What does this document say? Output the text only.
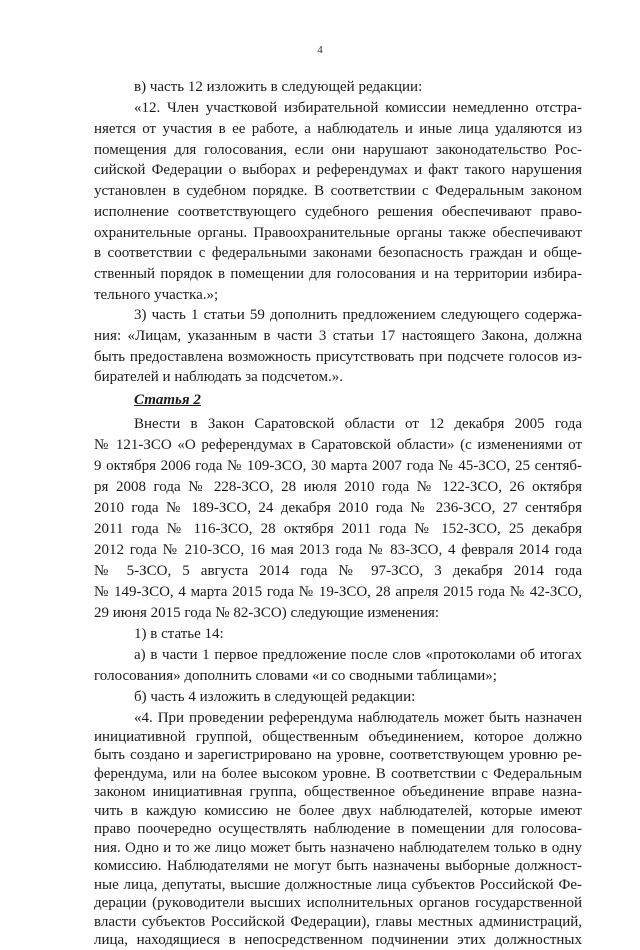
4
в) часть 12 изложить в следующей редакции:
«12. Член участковой избирательной комиссии немедленно отстра-
няется от участия в ее работе, а наблюдатель и иные лица удаляются из
помещения для голосования, если они нарушают законодательство Рос-
сийской Федерации о выборах и референдумах и факт такого нарушения
установлен в судебном порядке. В соответствии с Федеральным законом
исполнение соответствующего судебного решения обеспечивают право-
охранительные органы. Правоохранительные органы также обеспечивают
в соответствии с федеральными законами безопасность граждан и обще-
ственный порядок в помещении для голосования и на территории избира-
тельного участка.»;
3) часть 1 статьи 59 дополнить предложением следующего содержа-
ния: «Лицам, указанным в части 3 статьи 17 настоящего Закона, должна
быть предоставлена возможность присутствовать при подсчете голосов из-
бирателей и наблюдать за подсчетом.».
Статья 2
Внести в Закон Саратовской области от 12 декабря 2005 года
№ 121-ЗСО «О референдумах в Саратовской области» (с изменениями от
9 октября 2006 года № 109-ЗСО, 30 марта 2007 года № 45-ЗСО, 25 сентяб-
ря 2008 года № 228-ЗСО, 28 июля 2010 года № 122-ЗСО, 26 октября
2010 года № 189-ЗСО, 24 декабря 2010 года № 236-ЗСО, 27 сентября
2011 года № 116-ЗСО, 28 октября 2011 года № 152-ЗСО, 25 декабря
2012 года № 210-ЗСО, 16 мая 2013 года № 83-ЗСО, 4 февраля 2014 года
№ 5-ЗСО, 5 августа 2014 года № 97-ЗСО, 3 декабря 2014 года
№ 149-ЗСО, 4 марта 2015 года № 19-ЗСО, 28 апреля 2015 года № 42-ЗСО,
29 июня 2015 года № 82-ЗСО) следующие изменения:
1) в статье 14:
а) в части 1 первое предложение после слов «протоколами об итогах
голосования» дополнить словами «и со сводными таблицами»;
б) часть 4 изложить в следующей редакции:
«4. При проведении референдума наблюдатель может быть назначен
инициативной группой, общественным объединением, которое должно
быть создано и зарегистрировано на уровне, соответствующем уровню ре-
ферендума, или на более высоком уровне. В соответствии с Федеральным
законом инициативная группа, общественное объединение вправе назна-
чить в каждую комиссию не более двух наблюдателей, которые имеют
право поочередно осуществлять наблюдение в помещении для голосова-
ния. Одно и то же лицо может быть назначено наблюдателем только в одну
комиссию. Наблюдателями не могут быть назначены выборные должност-
ные лица, депутаты, высшие должностные лица субъектов Российской Фе-
дерации (руководители высших исполнительных органов государственной
власти субъектов Российской Федерации), главы местных администраций,
лица, находящиеся в непосредственном подчинении этих должностных
